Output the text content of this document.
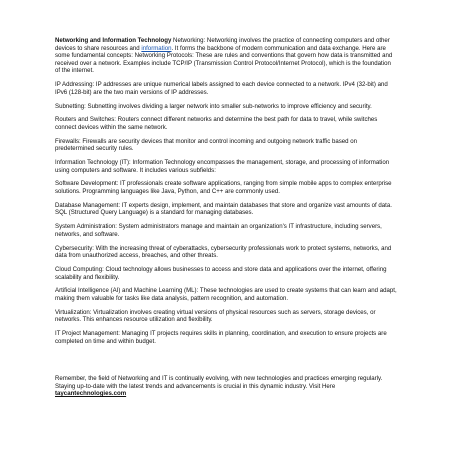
Networking and Information Technology Networking: Networking involves the practice of connecting computers and other devices to share resources and information. It forms the backbone of modern communication and data exchange. Here are some fundamental concepts: Networking Protocols: These are rules and conventions that govern how data is transmitted and received over a network. Examples include TCP/IP (Transmission Control Protocol/Internet Protocol), which is the foundation of the internet.

IP Addressing: IP addresses are unique numerical labels assigned to each device connected to a network. IPv4 (32-bit) and IPv6 (128-bit) are the two main versions of IP addresses.

Subnetting: Subnetting involves dividing a larger network into smaller sub-networks to improve efficiency and security.

Routers and Switches: Routers connect different networks and determine the best path for data to travel, while switches connect devices within the same network.

Firewalls: Firewalls are security devices that monitor and control incoming and outgoing network traffic based on predetermined security rules.

Information Technology (IT): Information Technology encompasses the management, storage, and processing of information using computers and software. It includes various subfields:

Software Development: IT professionals create software applications, ranging from simple mobile apps to complex enterprise solutions. Programming languages like Java, Python, and C++ are commonly used.

Database Management: IT experts design, implement, and maintain databases that store and organize vast amounts of data. SQL (Structured Query Language) is a standard for managing databases.

System Administration: System administrators manage and maintain an organization's IT infrastructure, including servers, networks, and software.

Cybersecurity: With the increasing threat of cyberattacks, cybersecurity professionals work to protect systems, networks, and data from unauthorized access, breaches, and other threats.

Cloud Computing: Cloud technology allows businesses to access and store data and applications over the internet, offering scalability and flexibility.

Artificial Intelligence (AI) and Machine Learning (ML): These technologies are used to create systems that can learn and adapt, making them valuable for tasks like data analysis, pattern recognition, and automation.

Virtualization: Virtualization involves creating virtual versions of physical resources such as servers, storage devices, or networks. This enhances resource utilization and flexibility.

IT Project Management: Managing IT projects requires skills in planning, coordination, and execution to ensure projects are completed on time and within budget.

Remember, the field of Networking and IT is continually evolving, with new technologies and practices emerging regularly. Staying up-to-date with the latest trends and advancements is crucial in this dynamic industry. Visit Here taycantechnologies.com
